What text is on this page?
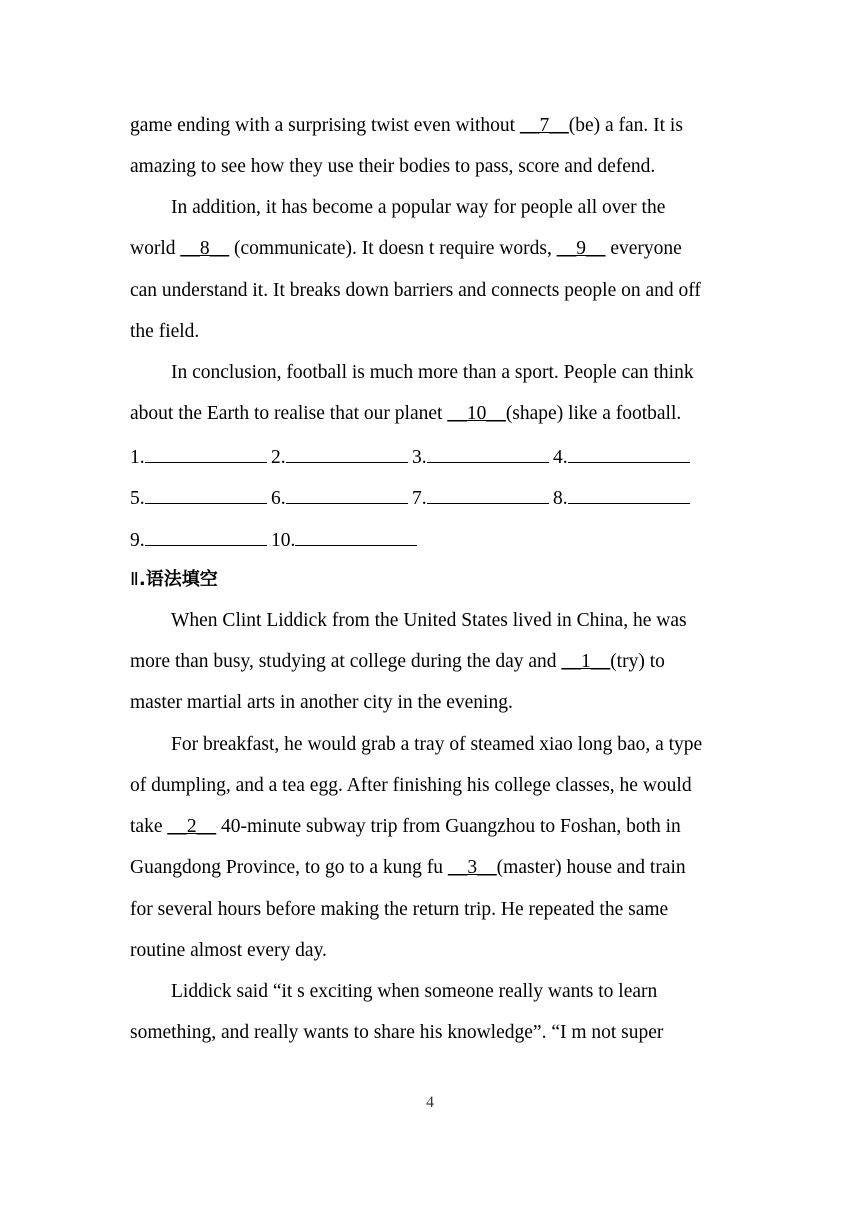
game ending with a surprising twist even without __7__(be) a fan. It is
amazing to see how they use their bodies to pass, score and defend.
In addition, it has become a popular way for people all over the
world __8__ (communicate). It doesn t require words, __9__ everyone
can understand it. It breaks down barriers and connects people on and off
the field.
In conclusion, football is much more than a sport. People can think
about the Earth to realise that our planet __10__(shape) like a football.
1.	2.	3.	4.
5.	6.	7.	8.
9.	10.
Ⅱ.语法填空
When Clint Liddick from the United States lived in China, he was
more than busy, studying at college during the day and __1__(try) to
master martial arts in another city in the evening.
For breakfast, he would grab a tray of steamed xiao long bao, a type
of dumpling, and a tea egg. After finishing his college classes, he would
take __2__ 40-minute subway trip from Guangzhou to Foshan, both in
Guangdong Province, to go to a kung fu __3__(master) house and train
for several hours before making the return trip. He repeated the same
routine almost every day.
Liddick said “it s exciting when someone really wants to learn
something, and really wants to share his knowledge”. “I m not super
4
